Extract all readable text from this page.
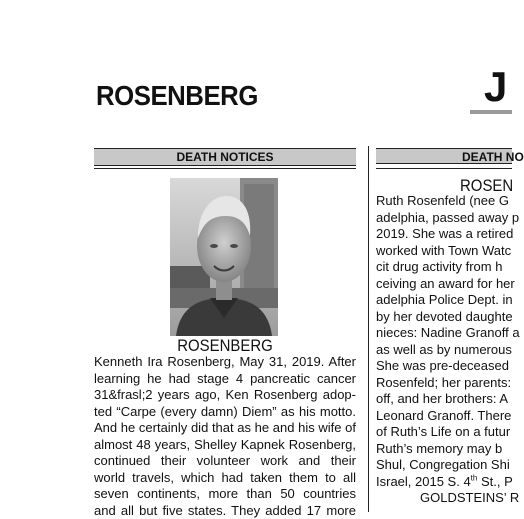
ROSENBERG	J
DEATH NOTICES	DEATH NO
ROSENBERG
ROSEN
Kenneth Ira Rosenberg, May 31, 2019. After
learning he had stage 4 pancreatic cancer
31&frasl;2 years ago, Ken Rosenberg adop-
ted “Carpe (every damn) Diem” as his motto.
And he certainly did that as he and his wife of
almost 48 years, Shelley Kapnek Rosenberg,
continued their volunteer work and their
world travels, which had taken them to all
seven continents, more than 50 countries
and all but five states. They added 17 more
Ruth Rosenfeld (nee G
adelphia, passed away p
2019. She was a retired
worked with Town Watc
cit drug activity from h
ceiving an award for her
adelphia Police Dept. in
by her devoted daughte
nieces: Nadine Granoff a
as well as by numerous
She was pre-deceased
Rosenfeld; her parents:
off, and her brothers: A
Leonard Granoff. There
of Ruth’s Life on a futur
Ruth’s memory may b
Shul, Congregation Shi
Israel, 2015 S. 4th St., P
GOLDSTEINS’ R
